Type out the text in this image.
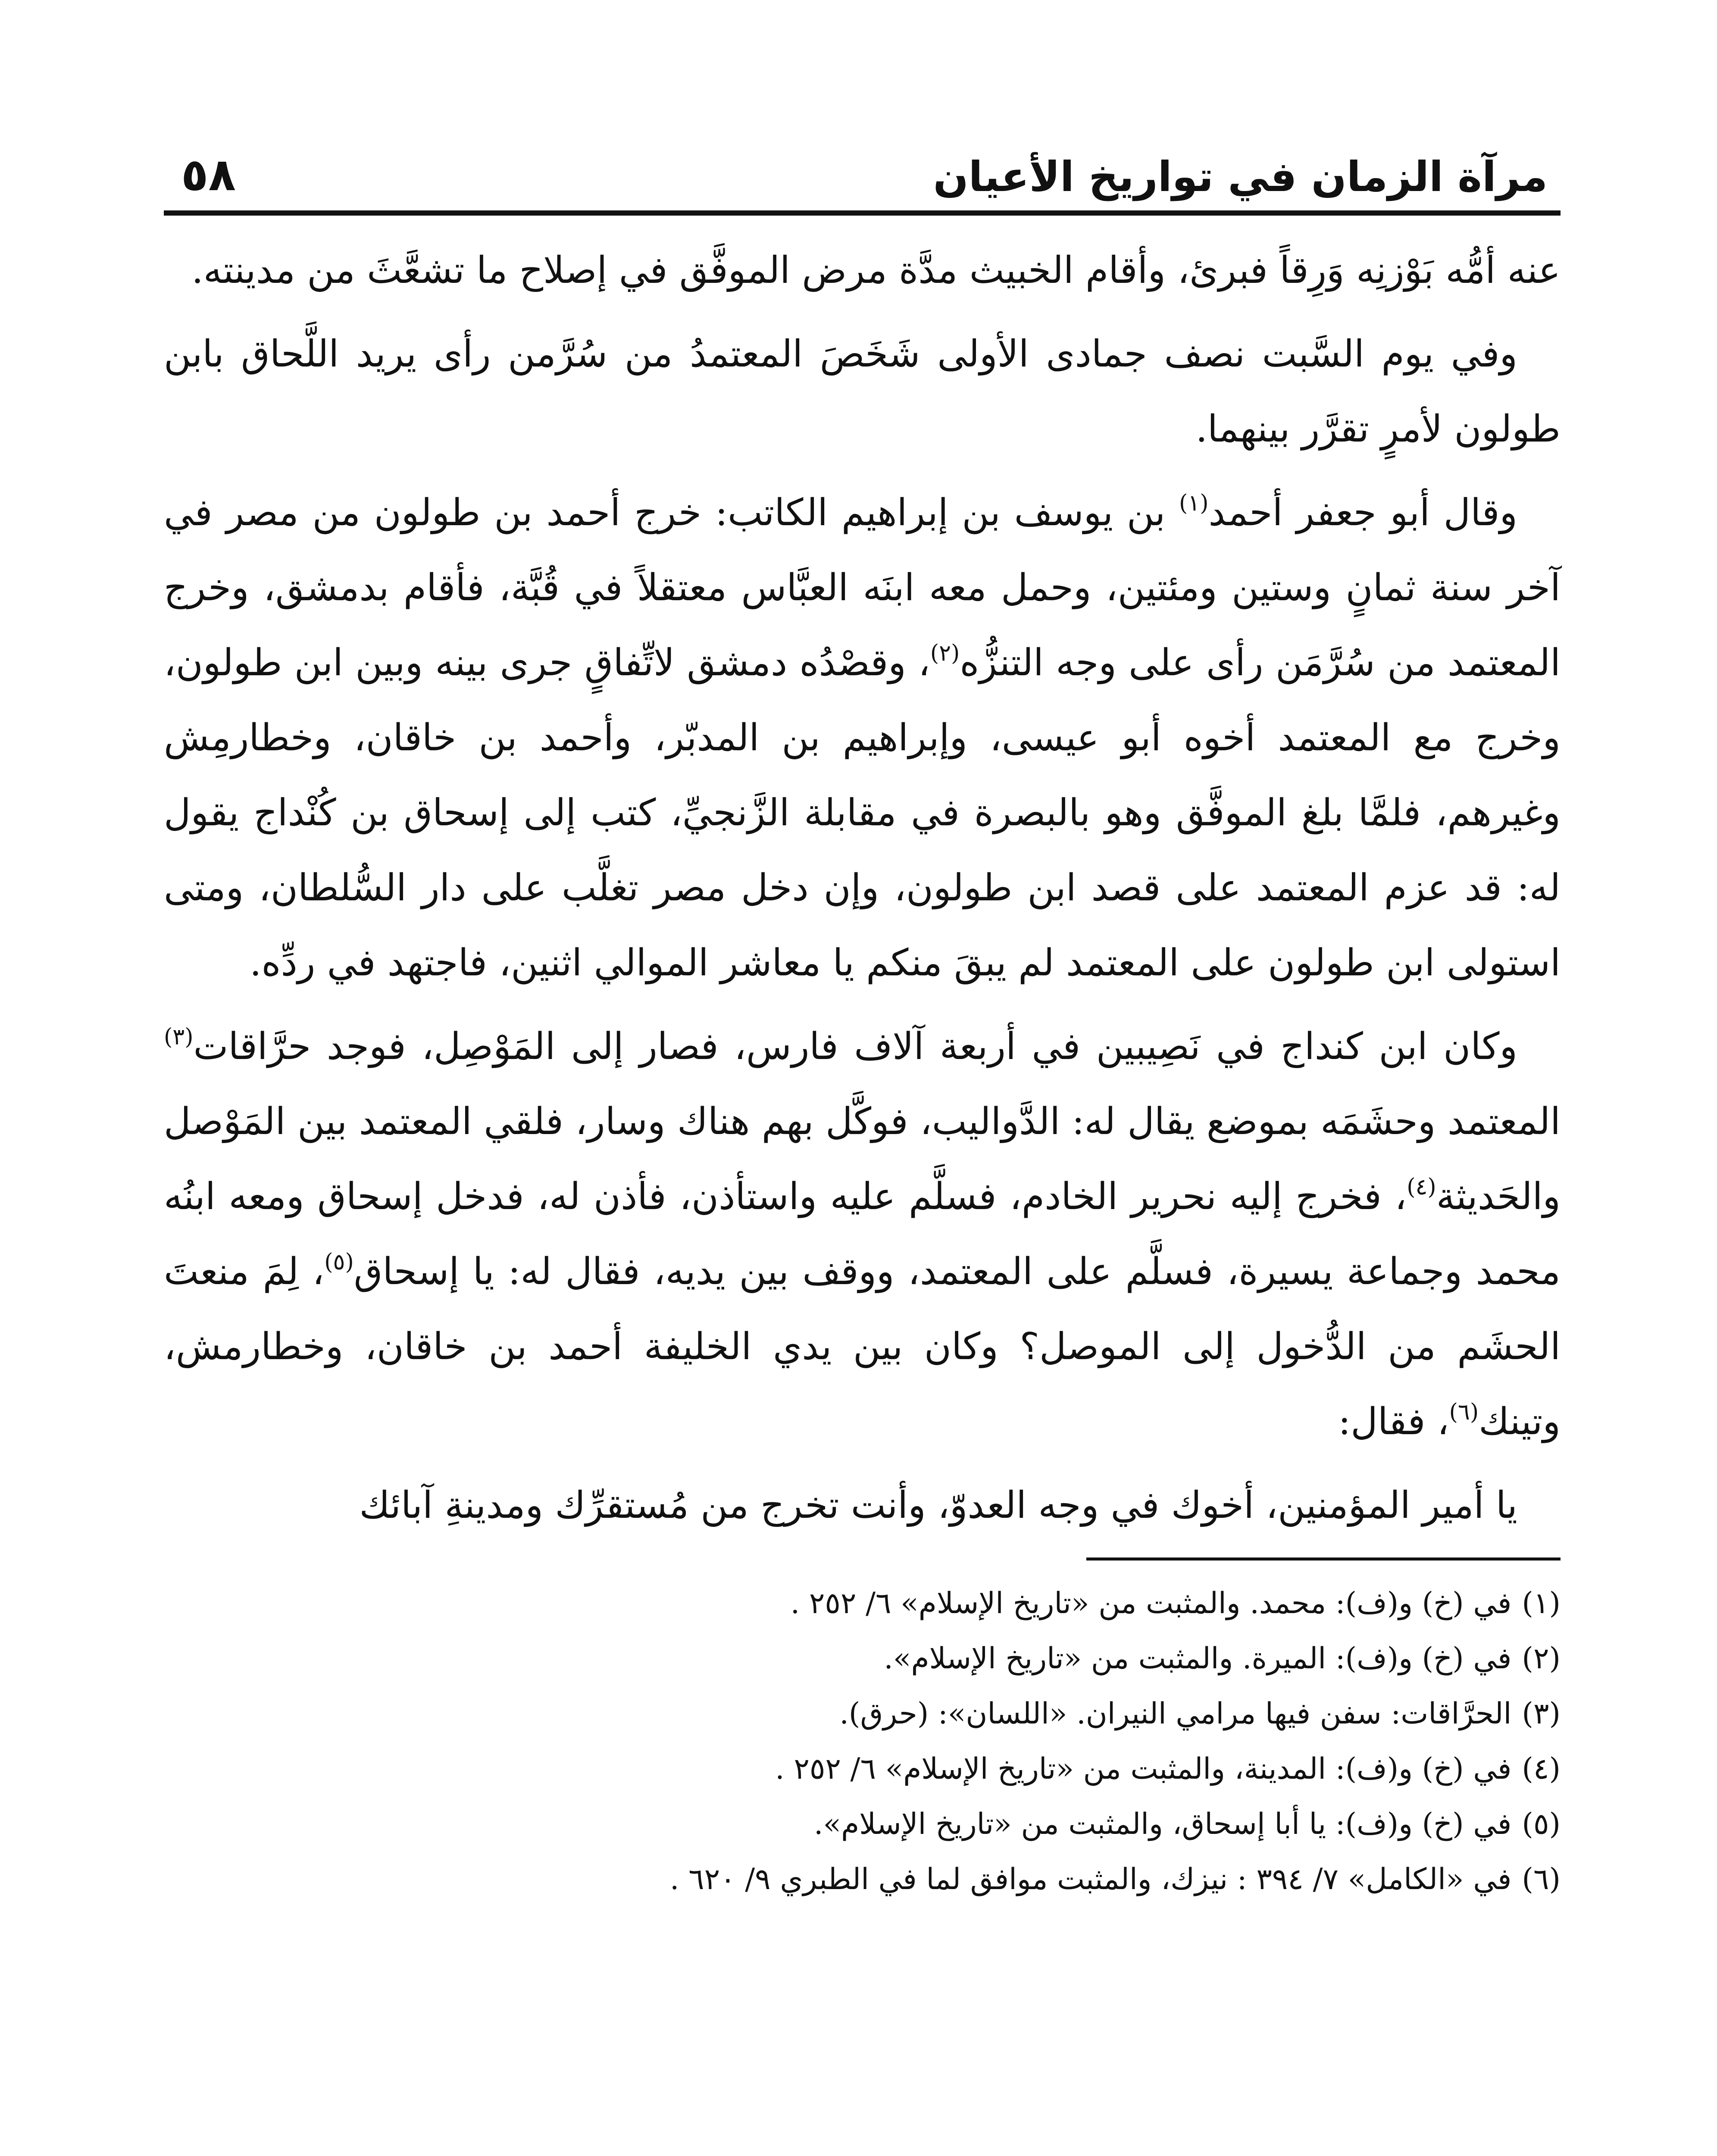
مرآة الزمان في تواريخ الأعيان
٥٨

عنه أمُّه بَوْزنِه وَرِقاً فبرئ، وأقام الخبيث مدَّة مرض الموفَّق في إصلاح ما تشعَّثَ من مدينته.

وفي يوم السَّبت نصف جمادى الأولى شَخَصَ المعتمدُ من سُرَّمن رأى يريد اللَّحاق بابن طولون لأمرٍ تقرَّر بينهما.

وقال أبو جعفر أحمد$^{(١)}$ بن يوسف بن إبراهيم الكاتب: خرج أحمد بن طولون من مصر في آخر سنة ثمانٍ وستين ومئتين، وحمل معه ابنَه العبَّاس معتقلاً في قُبَّة، فأقام بدمشق، وخرج المعتمد من سُرَّمَن رأى على وجه التنزُّه$^{(٢)}$، وقصْدُه دمشق لاتِّفاقٍ جرى بينه وبين ابن طولون، وخرج مع المعتمد أخوه أبو عيسى، وإبراهيم بن المدبّر، وأحمد بن خاقان، وخطارمِش وغيرهم، فلمَّا بلغ الموفَّق وهو بالبصرة في مقابلة الزَّنجيِّ، كتب إلى إسحاق بن كُنْداج يقول له: قد عزم المعتمد على قصد ابن طولون، وإن دخل مصر تغلَّب على دار السُّلطان، ومتى استولى ابن طولون على المعتمد لم يبقَ منكم يا معاشر الموالي اثنين، فاجتهد في ردِّه.

وكان ابن كنداج في نَصِيبين في أربعة آلاف فارس، فصار إلى المَوْصِل، فوجد حرَّاقات$^{(٣)}$ المعتمد وحشَمَه بموضع يقال له: الدَّواليب، فوكَّل بهم هناك وسار، فلقي المعتمد بين المَوْصل والحَديثة$^{(٤)}$، فخرج إليه نحرير الخادم، فسلَّم عليه واستأذن، فأذن له، فدخل إسحاق ومعه ابنُه محمد وجماعة يسيرة، فسلَّم على المعتمد، ووقف بين يديه، فقال له: يا إسحاق$^{(٥)}$، لِمَ منعتَ الحشَم من الدُّخول إلى الموصل؟ وكان بين يدي الخليفة أحمد بن خاقان، وخطارمش، وتينك$^{(٦)}$، فقال:

يا أمير المؤمنين، أخوك في وجه العدوّ، وأنت تخرج من مُستقرِّك ومدينةِ آبائك

(١)
في (خ) و(ف): محمد. والمثبت من «تاريخ الإسلام» ٦/ ٢٥٢ .
(٢)
في (خ) و(ف): الميرة. والمثبت من «تاريخ الإسلام».
(٣)
الحرَّاقات: سفن فيها مرامي النيران. «اللسان»: (حرق).
(٤)
في (خ) و(ف): المدينة، والمثبت من «تاريخ الإسلام» ٦/ ٢٥٢ .
(٥)
في (خ) و(ف): يا أبا إسحاق، والمثبت من «تاريخ الإسلام».
(٦)
في «الكامل» ٧/ ٣٩٤ : نيزك، والمثبت موافق لما في الطبري ٩/ ٦٢٠ .
